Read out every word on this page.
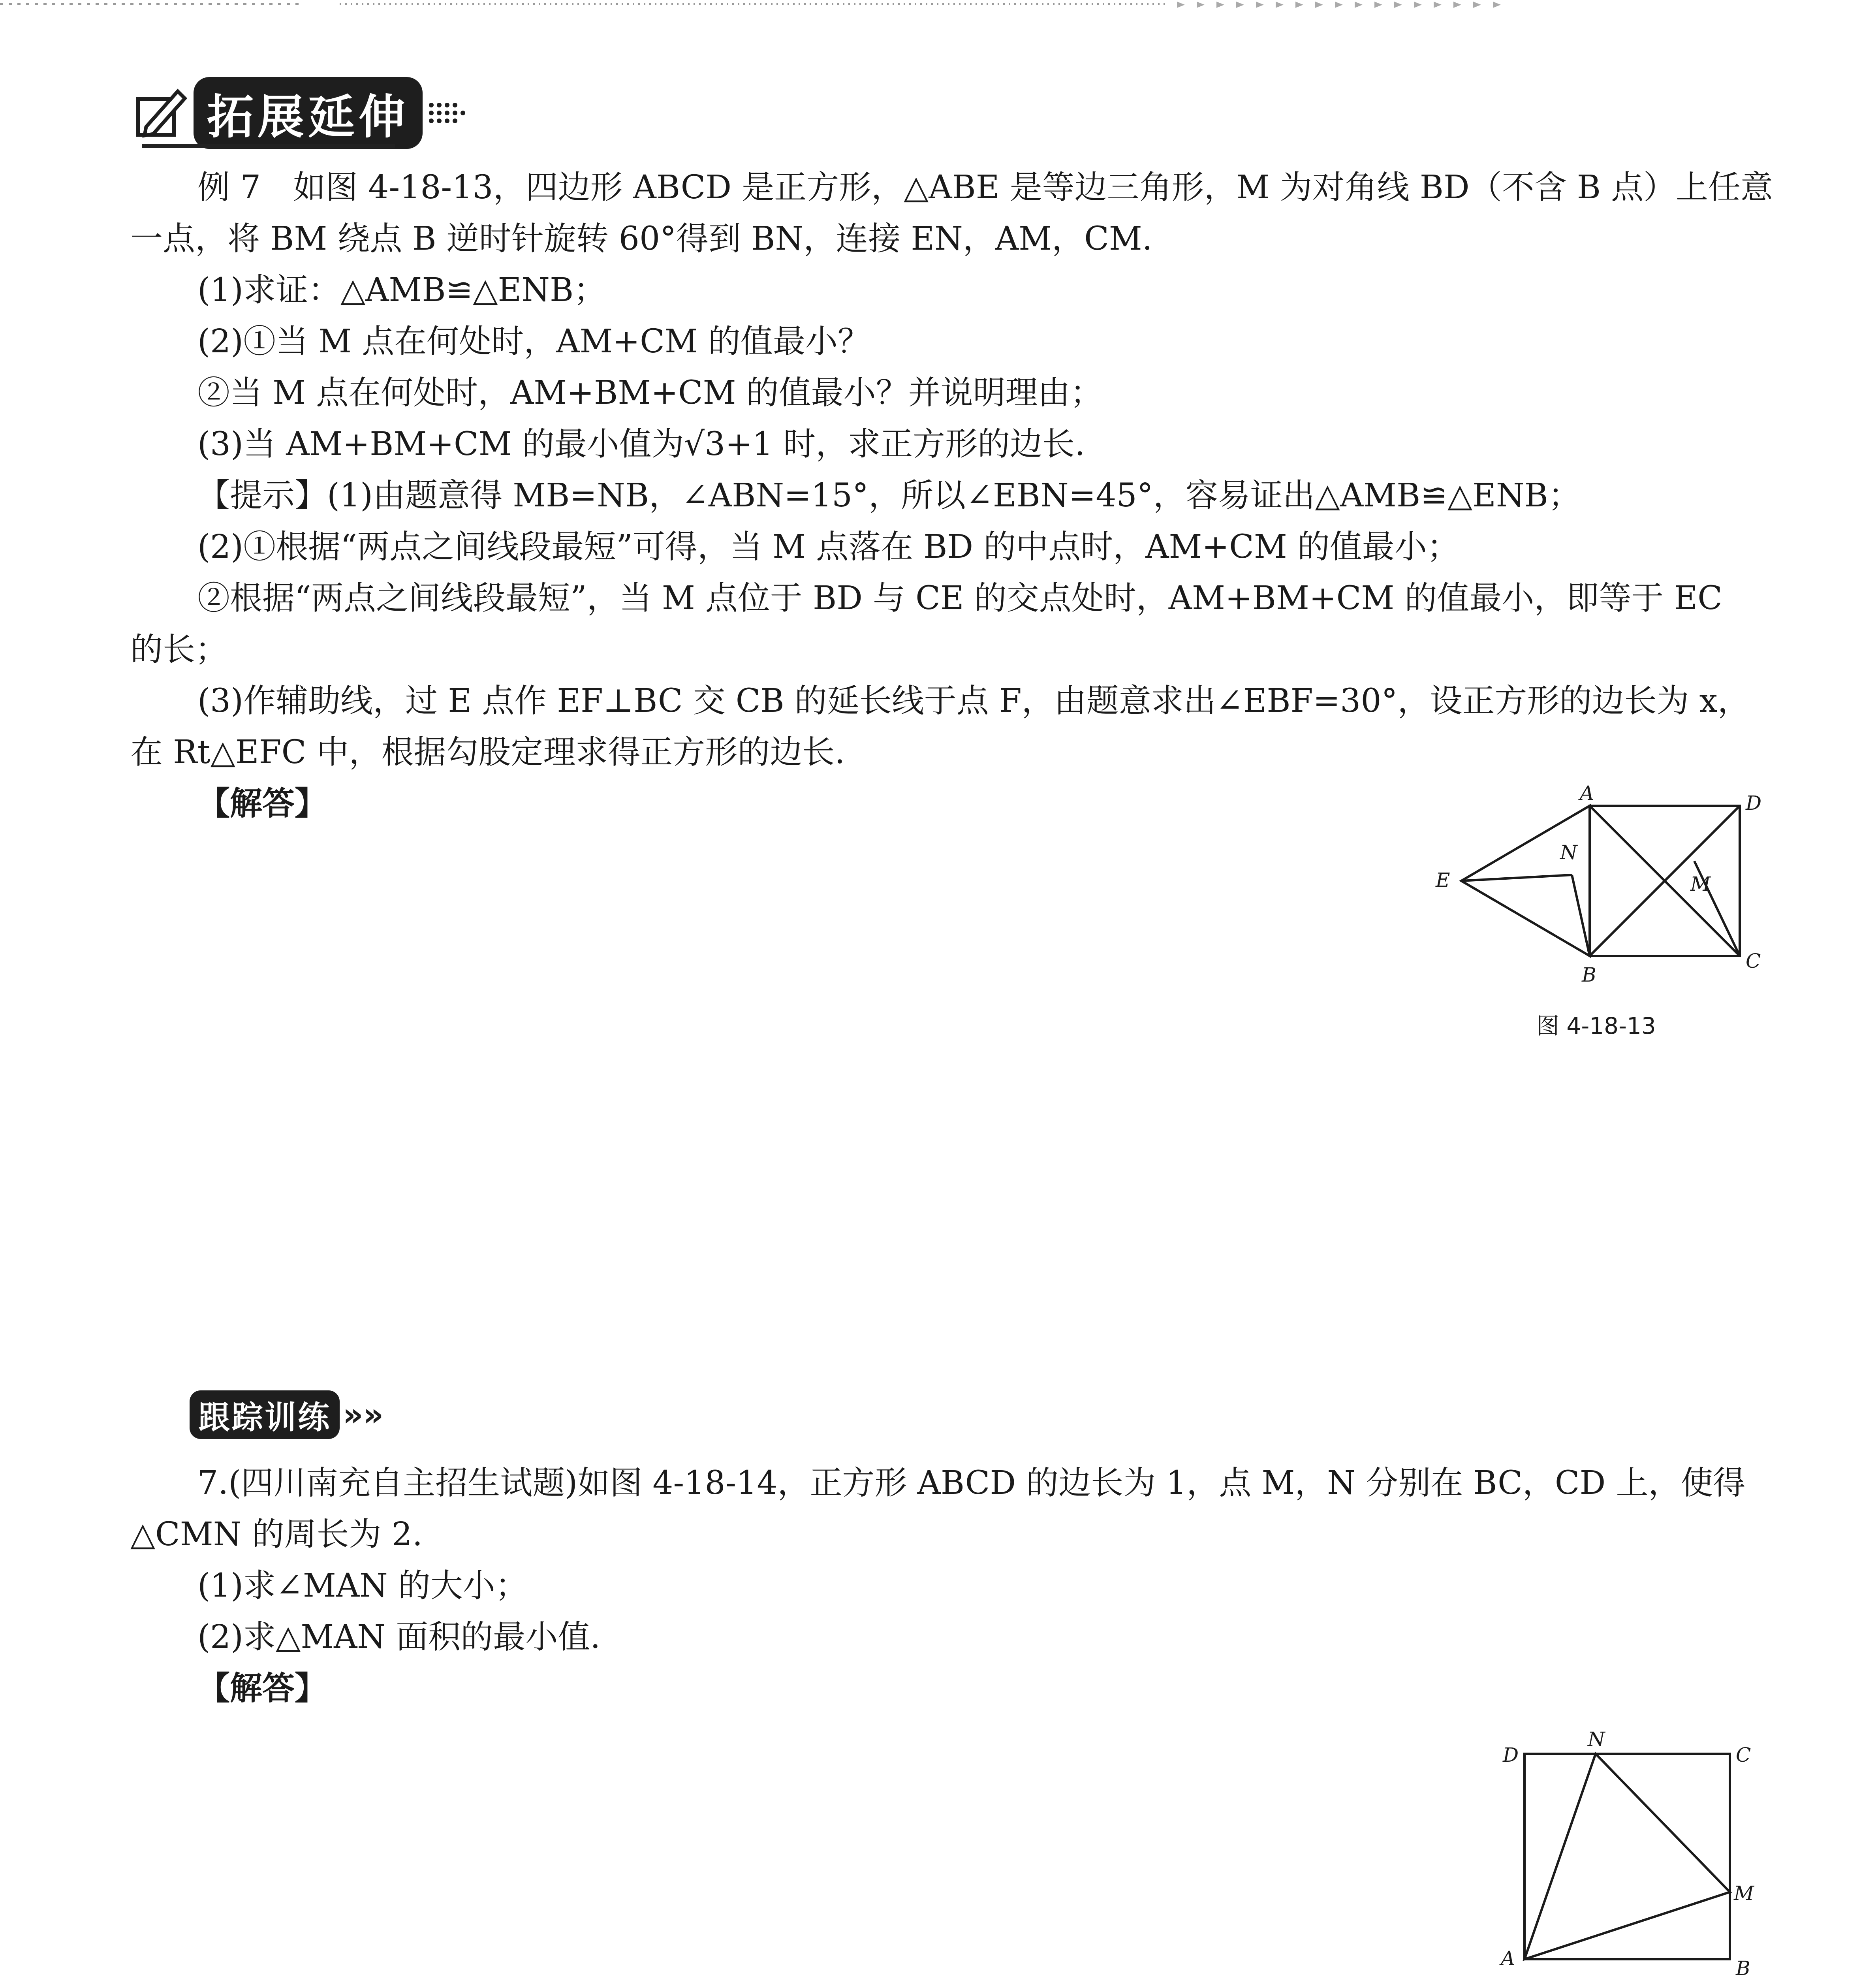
拓展延伸
例 7　如图 4-18-13，四边形 ABCD 是正方形，△ABE 是等边三角形，M 为对角线 BD（不含 B 点）上任意
一点，将 BM 绕点 B 逆时针旋转 60°得到 BN，连接 EN，AM，CM.
(1)求证：△AMB≌△ENB；
(2)①当 M 点在何处时，AM+CM 的值最小？
②当 M 点在何处时，AM+BM+CM 的值最小？并说明理由；
(3)当 AM+BM+CM 的最小值为√3+1 时，求正方形的边长.
【提示】(1)由题意得 MB=NB，∠ABN=15°，所以∠EBN=45°，容易证出△AMB≌△ENB；
(2)①根据“两点之间线段最短”可得，当 M 点落在 BD 的中点时，AM+CM 的值最小；
②根据“两点之间线段最短”，当 M 点位于 BD 与 CE 的交点处时，AM+BM+CM 的值最小，即等于 EC
的长；
(3)作辅助线，过 E 点作 EF⊥BC 交 CB 的延长线于点 F，由题意求出∠EBF=30°，设正方形的边长为 x，
在 Rt△EFC 中，根据勾股定理求得正方形的边长.
【解答】	A	D
N
E	M
B
C
图 4-18-13
跟踪训练 »»
7.(四川南充自主招生试题)如图 4-18-14，正方形 ABCD 的边长为 1，点 M，N 分别在 BC，CD 上，使得
△CMN 的周长为 2.
(1)求∠MAN 的大小；
(2)求△MAN 面积的最小值.
【解答】
D
N
C
M
A	B
